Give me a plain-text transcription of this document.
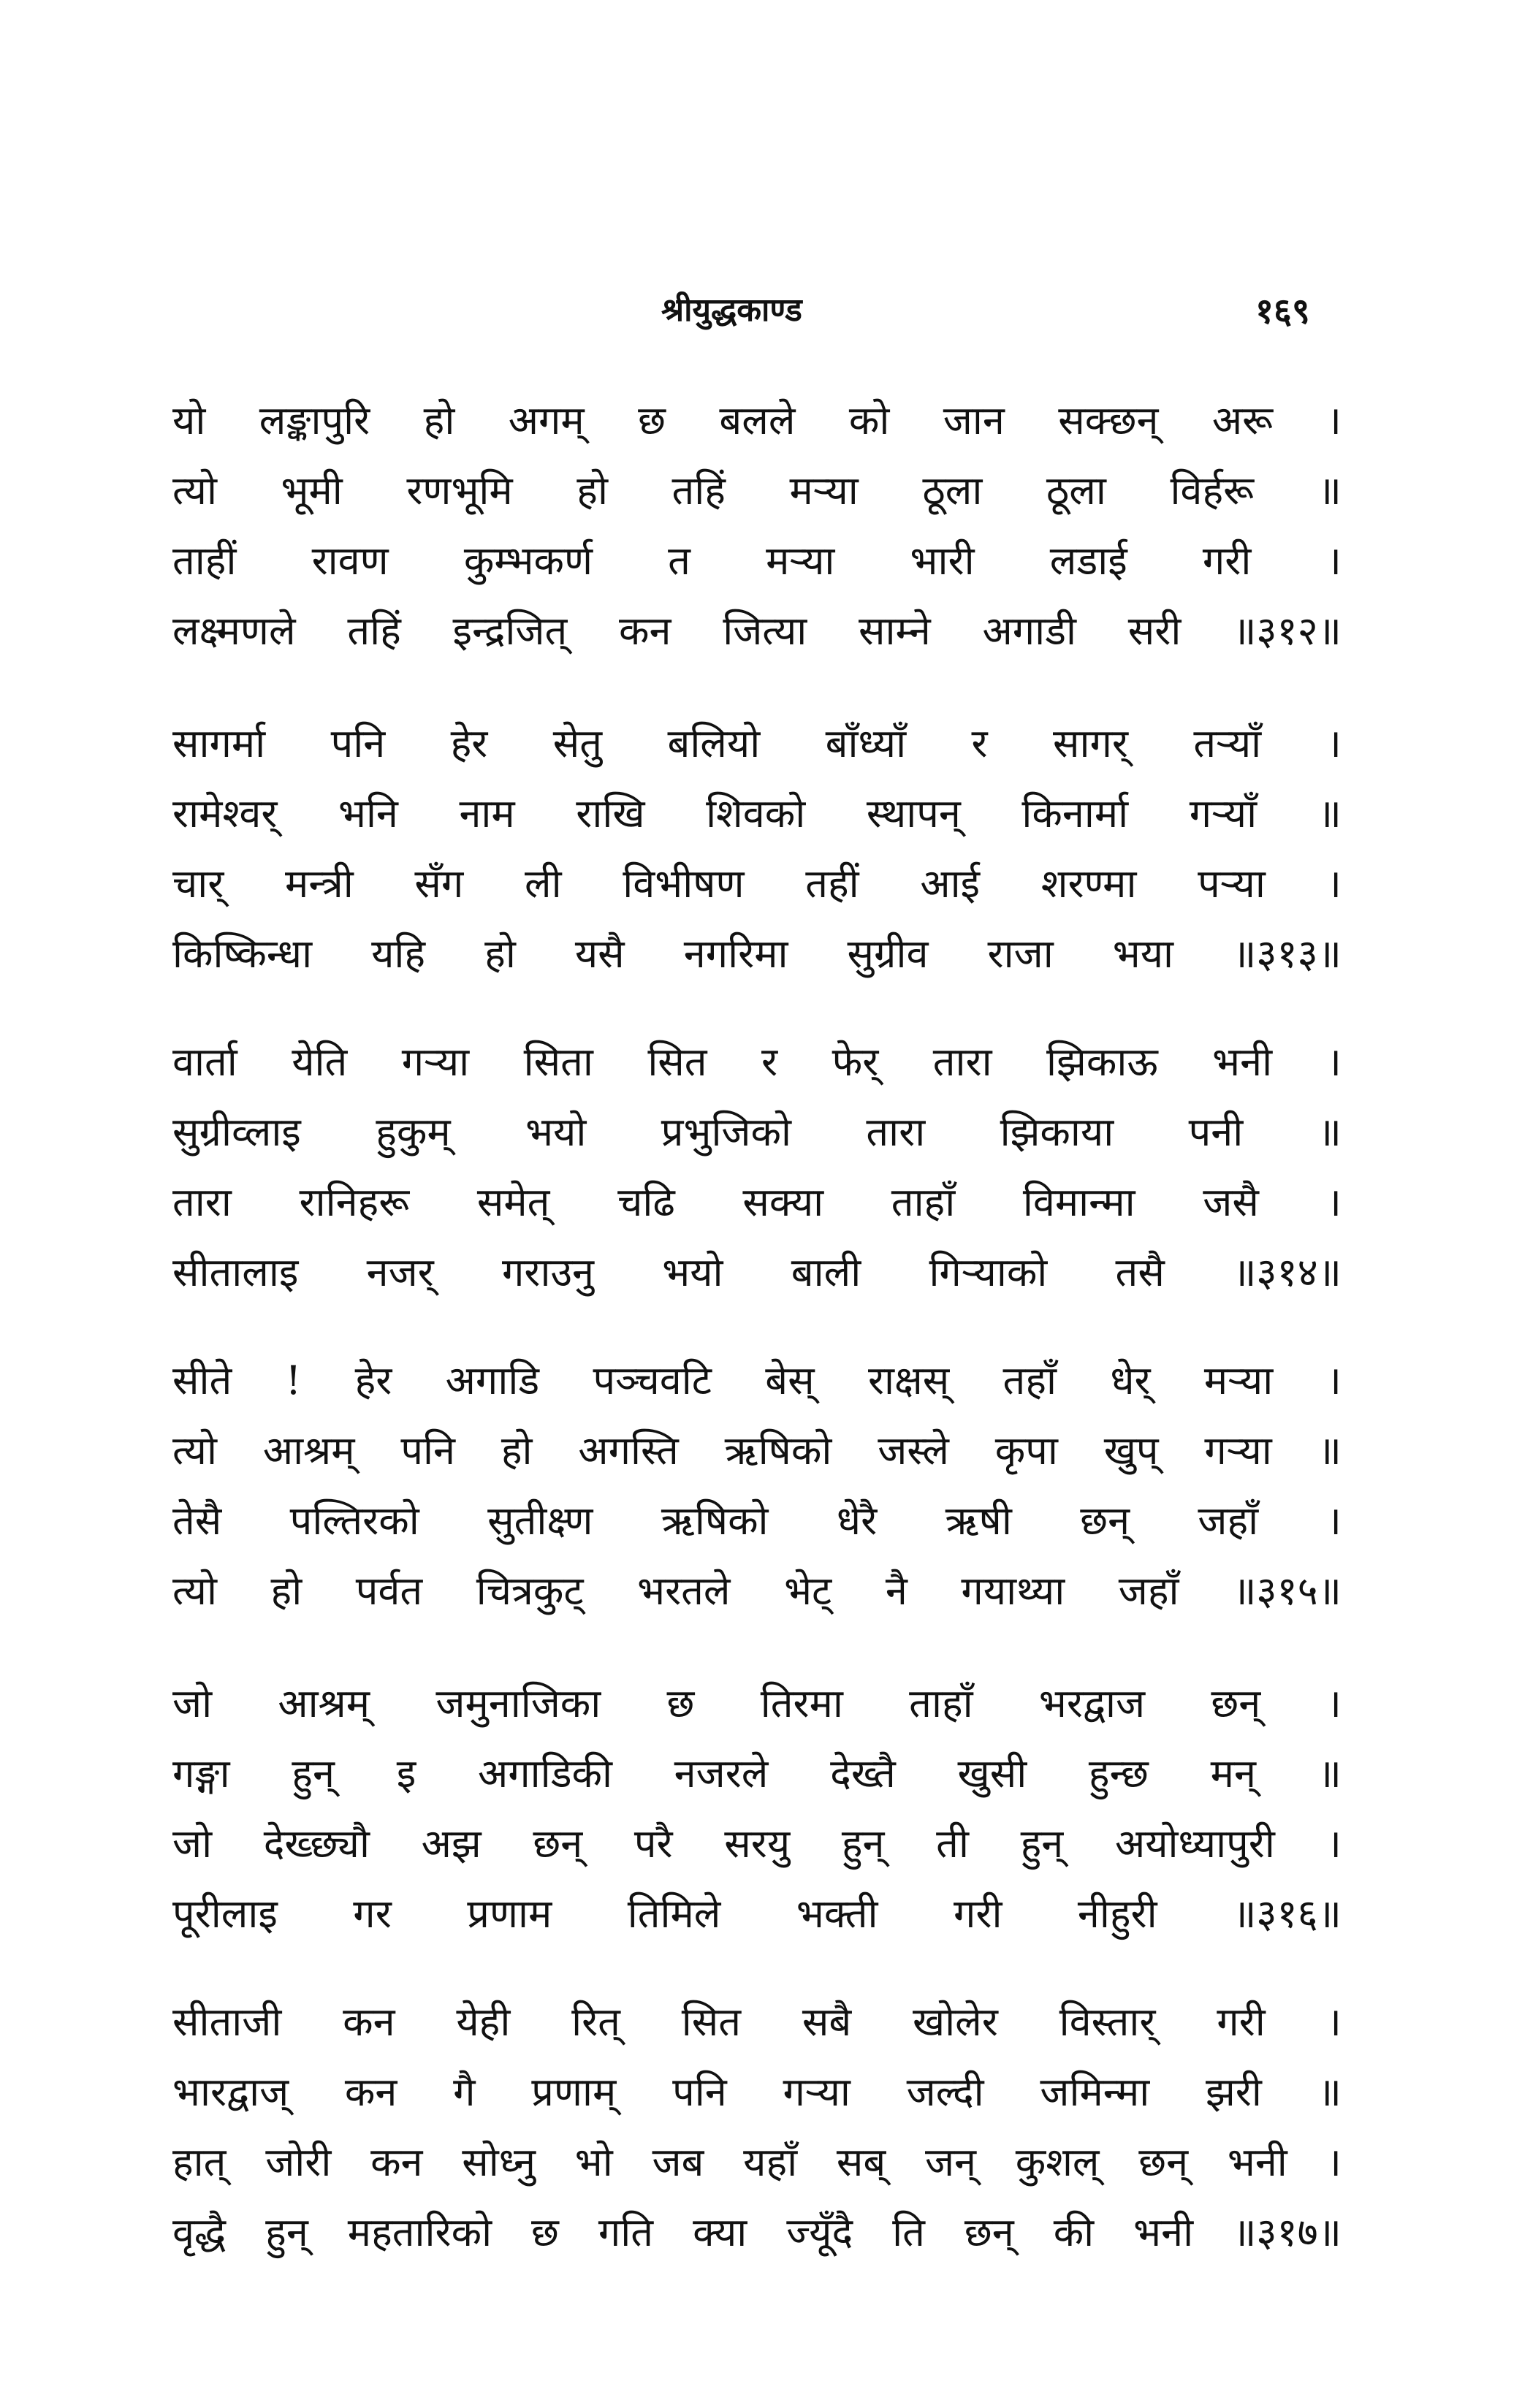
श्रीयुद्धकाण्ड	१६९
यो लङ्कापुरि हो अगम् छ बलले को जान सक्छन् अरू ।
त्यो भूमी रणभूमि हो तहिं मऱ्या ठूला ठूला विर्हरू ॥
ताहीं रावण कुम्भकर्ण त मऱ्या भारी लडाई गरी ।
लक्ष्मणले तहिं इन्द्रजित् कन जित्या साम्ने अगाडी सरी ॥३१२॥
सागर्मा पनि हेर सेतु बलियो बाँध्याँ र सागर् तऱ्याँ ।
रामेश्वर् भनि नाम राखि शिवको स्थापन् किनार्मा गऱ्याँ ॥
चार् मन्त्री सँग ली विभीषण तहीं आई शरण्मा पऱ्या ।
किष्किन्धा यहि हो यसै नगरिमा सुग्रीव राजा भया ॥३१३॥
वार्ता येति गऱ्या सिता सित र फेर् तारा झिकाऊ भनी ।
सुग्रीव्लाइ हुकुम् भयो प्रभुजिको तारा झिकाया पनी ॥
तारा रानिहरू समेत् चढि सक्या ताहाँ विमान्मा जसै ।
सीतालाइ नजर् गराउनु भयो बाली गिऱ्याको तसै ॥३१४॥
सीते ! हेर अगाडि पञ्चवटि बेस् राक्षस् तहाँ धेर् मऱ्या ।
त्यो आश्रम् पनि हो अगस्ति ऋषिको जस्ले कृपा खुप् गऱ्या ॥
तेसै पल्तिरको सुतीक्ष्ण ऋषिको धेरै ऋषी छन् जहाँ ।
त्यो हो पर्वत चित्रकुट् भरतले भेट् नै गयाथ्या जहाँ ॥३१५॥
जो आश्रम् जमुनाजिका छ तिरमा ताहाँ भरद्वाज छन् ।
गङ्गा हुन् इ अगाडिकी नजरले देख्तै खुसी हुन्छ मन् ॥
जो देख्छ्यौ अझ छन् परै सरयु हुन् ती हुन् अयोध्यापुरी ।
पूरीलाइ गर प्रणाम तिमिले भक्ती गरी नीहुरी ॥३१६॥
सीताजी कन येही रित् सित सबै खोलेर विस्तार् गरी ।
भारद्वाज् कन गै प्रणाम् पनि गऱ्या जल्दी जमिन्मा झरी ॥
हात् जोरी कन सोध्नु भो जब यहाँ सब् जन् कुशल् छन् भनी ।
वृद्धै हुन् महतारिको छ गति क्या ज्यूँदै ति छन् की भनी ॥३१७॥
